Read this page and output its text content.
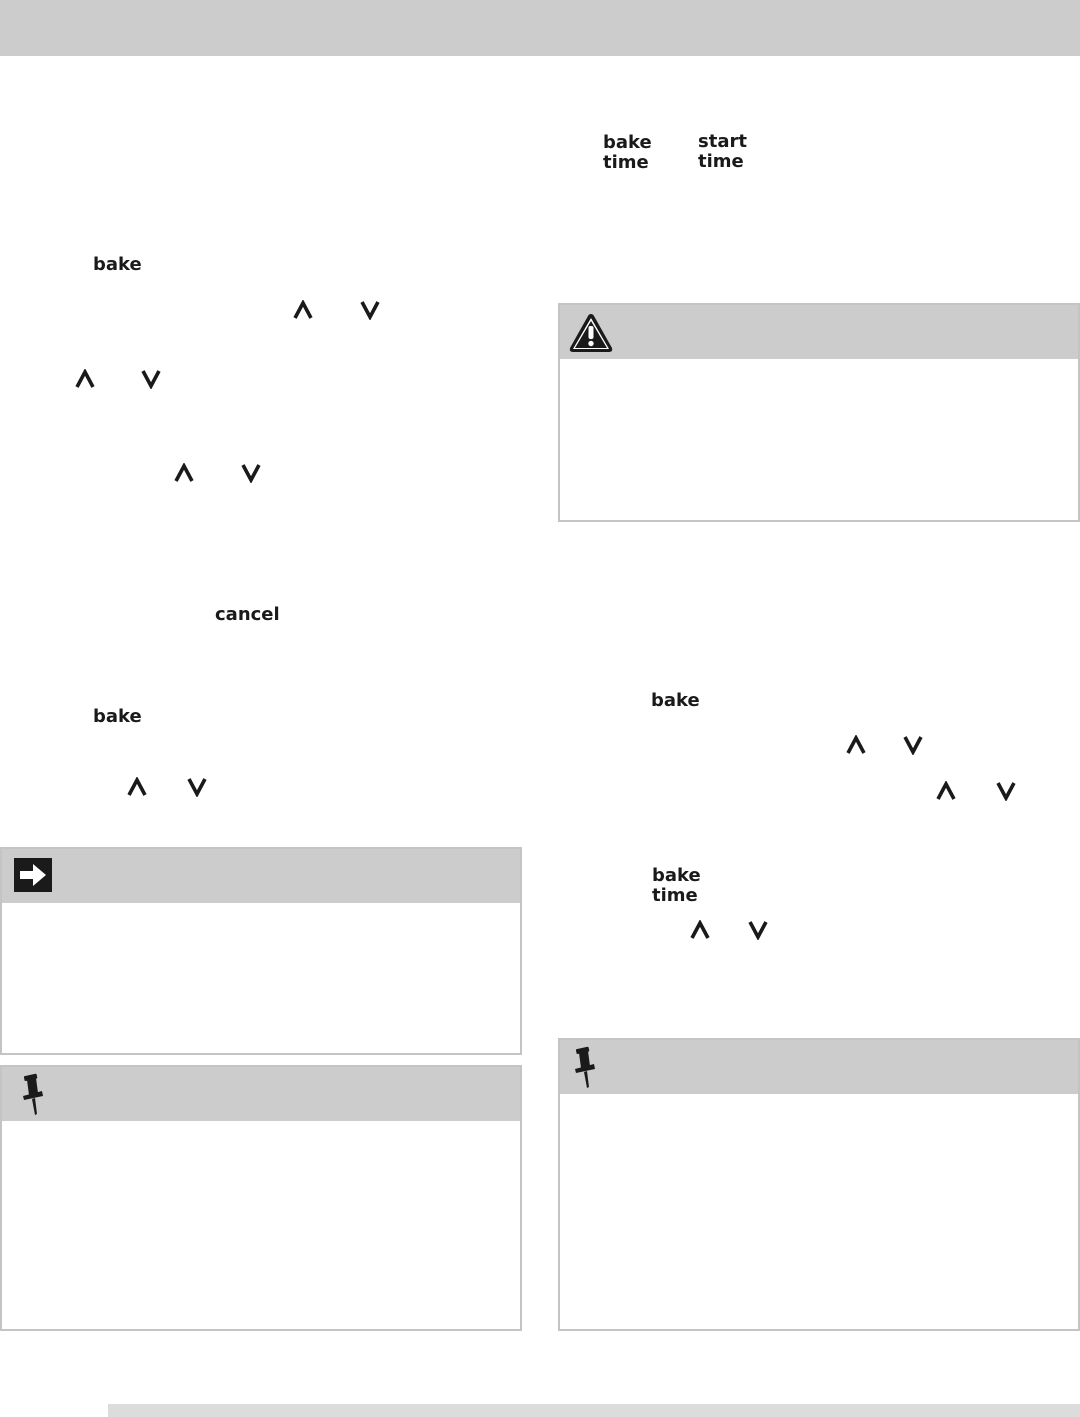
bake
cancel
bake
bake
time
start
time
bake
bake
time
